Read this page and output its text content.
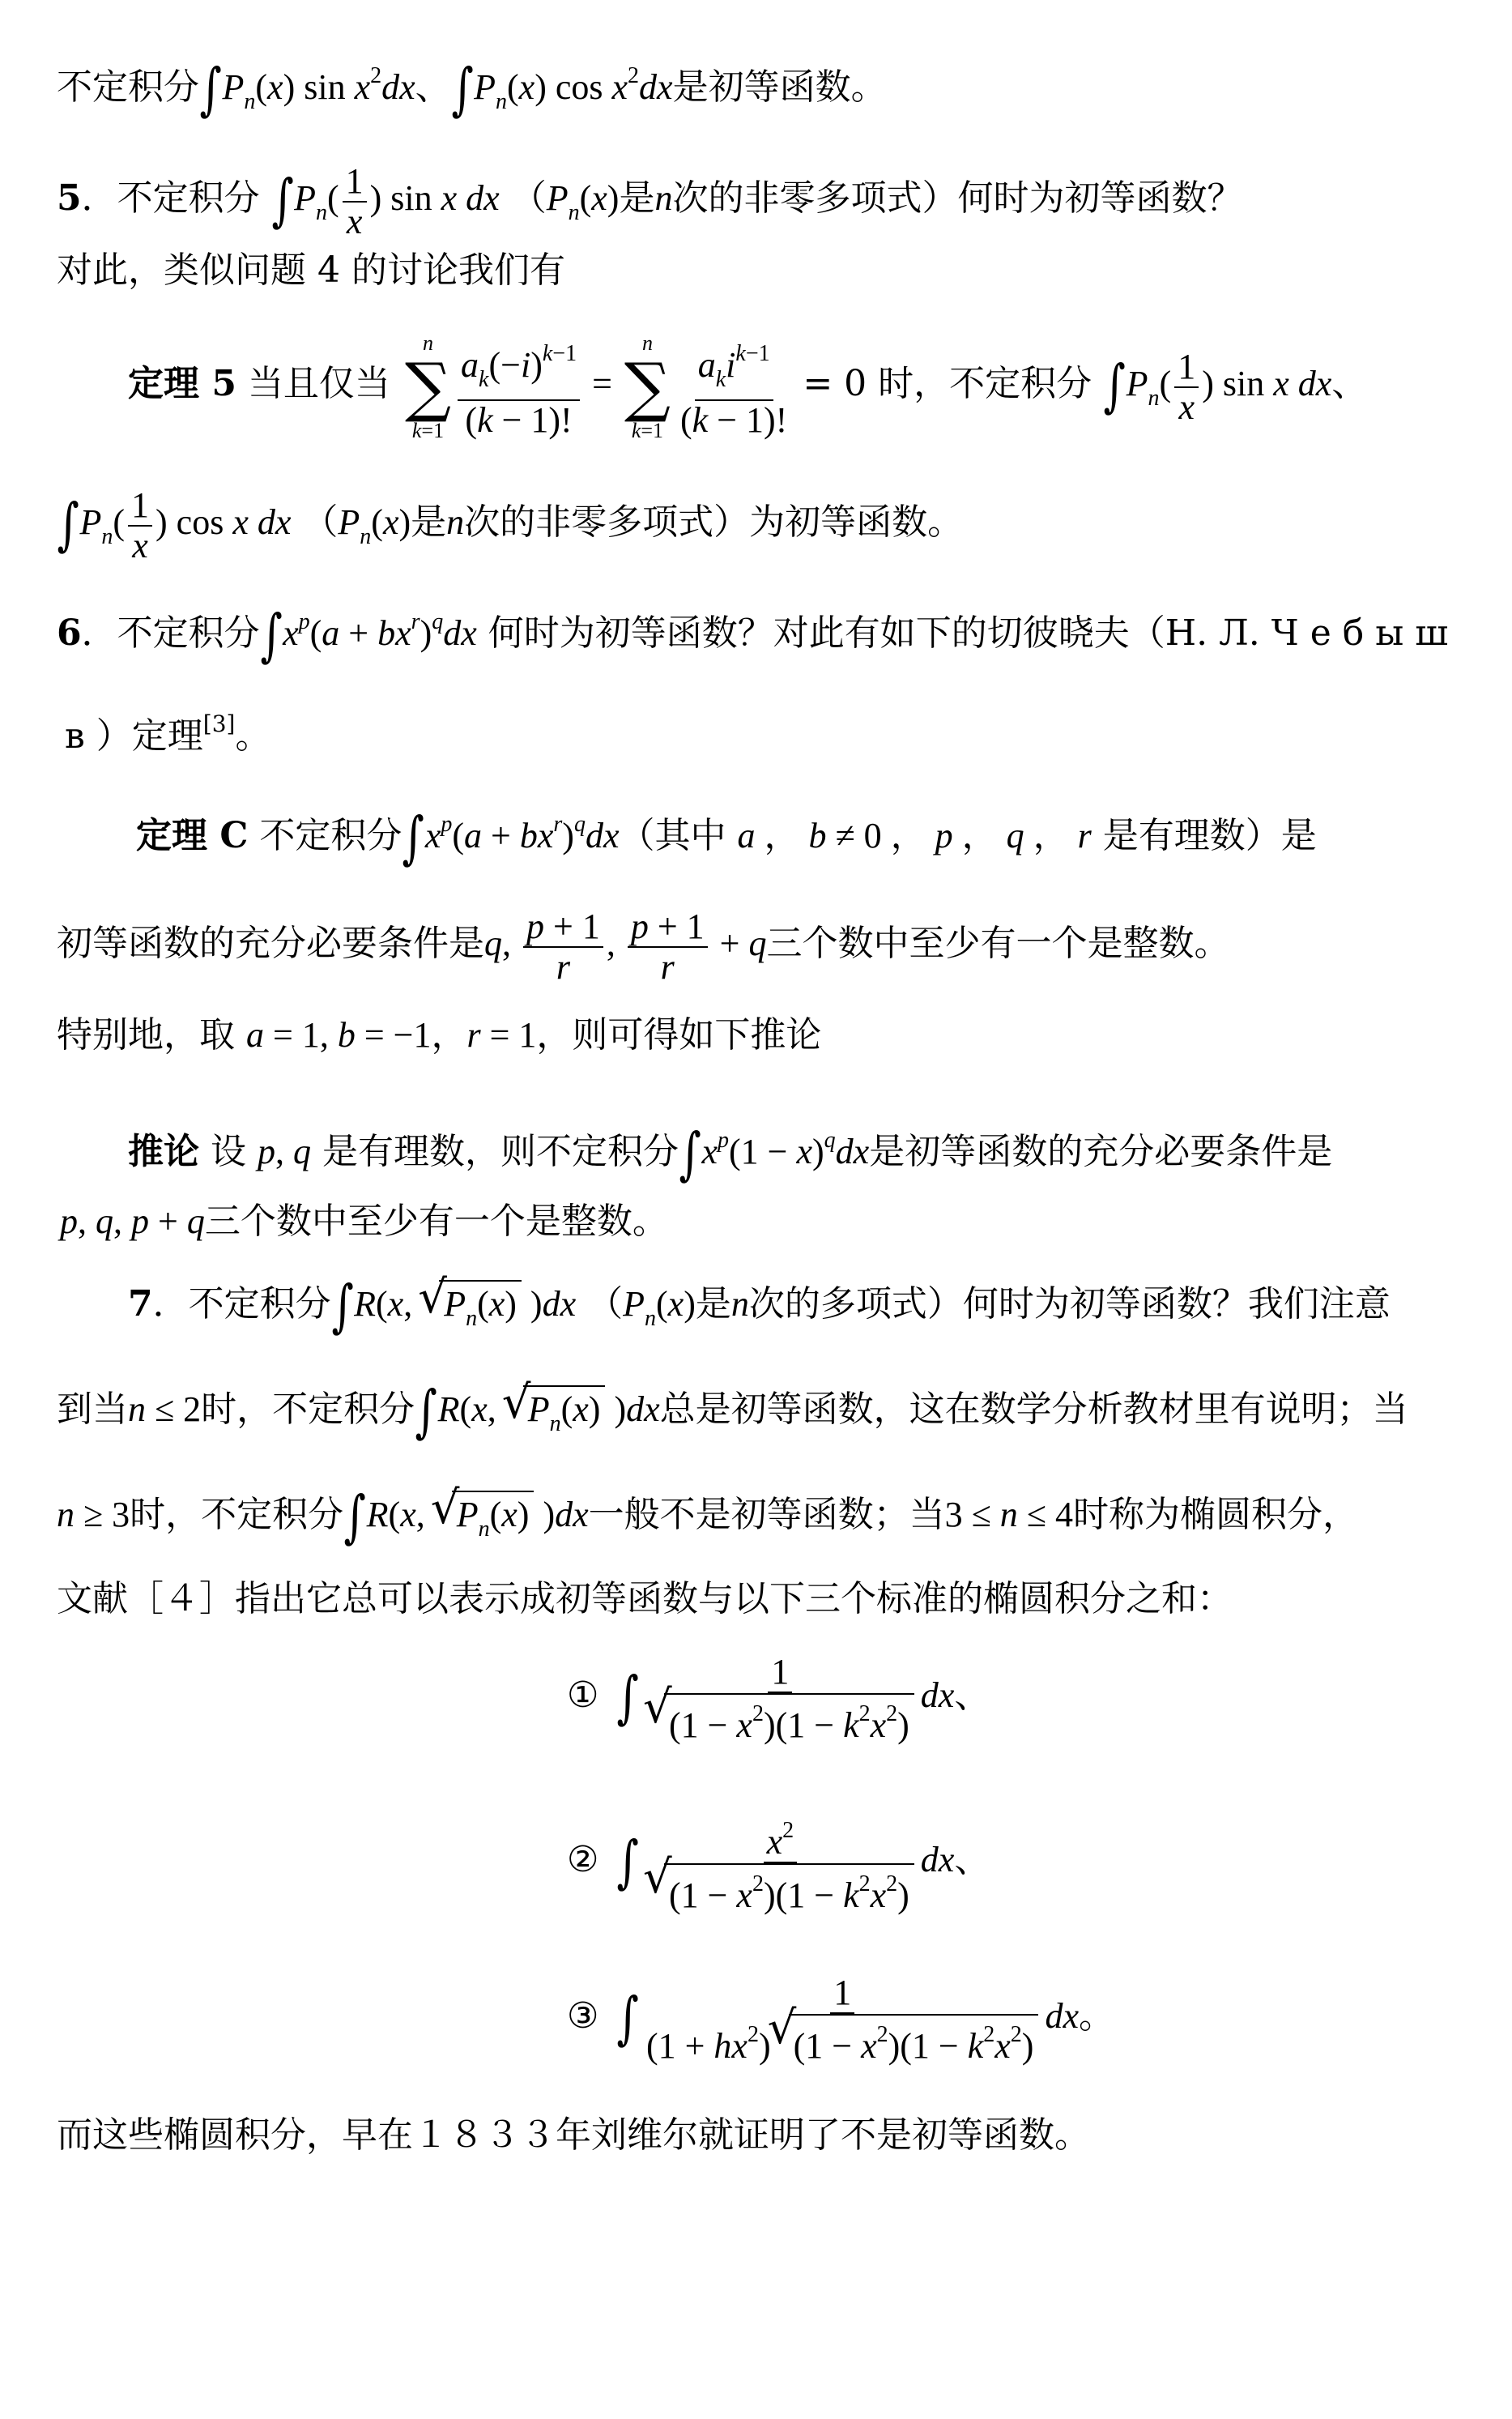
不定积分$\int P_n(x)$ $\sin x^2dx$、$\int P_n(x)$ $\cos x^2dx$是初等函数。
5．不定积分 $\int P_n( \frac{1}{x}$ ) sin x dx （$P_n(x)$是n次的非零多项式）何时为初等函数？
对此，类似问题 4 的讨论我们有
定理 5 当且仅当
n
∑
$k=1 \frac{a_k(-i)^{k-1}}{(k - 1)!}$ =
n
∑
$k=1 \frac{a_ki^{k-1}}{(k - 1)!} = 0$ 时，不定积分 $\int P_n( \frac{1}{x}$ ) sin x dx、
$\int P_n( \frac{1}{x}$ ) cos x dx （$P_n(x)$是n次的非零多项式）为初等函数。
6．不定积分$\int x^p(a + bx^r)^qdx$ 何时为初等函数？对此有如下的切彼晓夫（Н. Л. Ч е б ы ш
в ）定理[3]。
定理 C 不定积分$\int x^p(a + bx^r)^qdx$（其中 a ， b ≠ 0 ， p ， q ， r 是有理数）是
初等函数的充分必要条件是q, $\frac{p + 1}{r}$ , $\frac{p + 1}{r} + q$三个数中至少有一个是整数。
特别地，取 a = 1, b = −1，r = 1，则可得如下推论
推论 设 p, q 是有理数，则不定积分$\int x^p(1 - x)^qdx$是初等函数的充分必要条件是
p, q, p + q三个数中至少有一个是整数。
7．不定积分∫R(x, √ $P_n(x)$ )dx （$P_n(x)$是n次的多项式）何时为初等函数？我们注意
到当n ≤ 2时，不定积分∫R(x, √ $P_n(x)$ )dx总是初等函数，这在数学分析教材里有说明；当
n ≥ 3时，不定积分∫R(x, √ $P_n(x)$ )dx一般不是初等函数；当3 ≤ n ≤ 4时称为椭圆积分，
文献［４］指出它总可以表示成初等函数与以下三个标准的椭圆积分之和：
① ∫ 1
√ $(1 - x^2)(1 - k^2x^2)$ dx、
② ∫ $x^2$
√ $(1 - x^2)(1 - k^2x^2)$ dx、
③ ∫ $\frac{1}{(1 + hx^2)√ (1 - x^2)(1 - k^2x^2)}$ dx。
而这些椭圆积分，早在１８３３年刘维尔就证明了不是初等函数。
